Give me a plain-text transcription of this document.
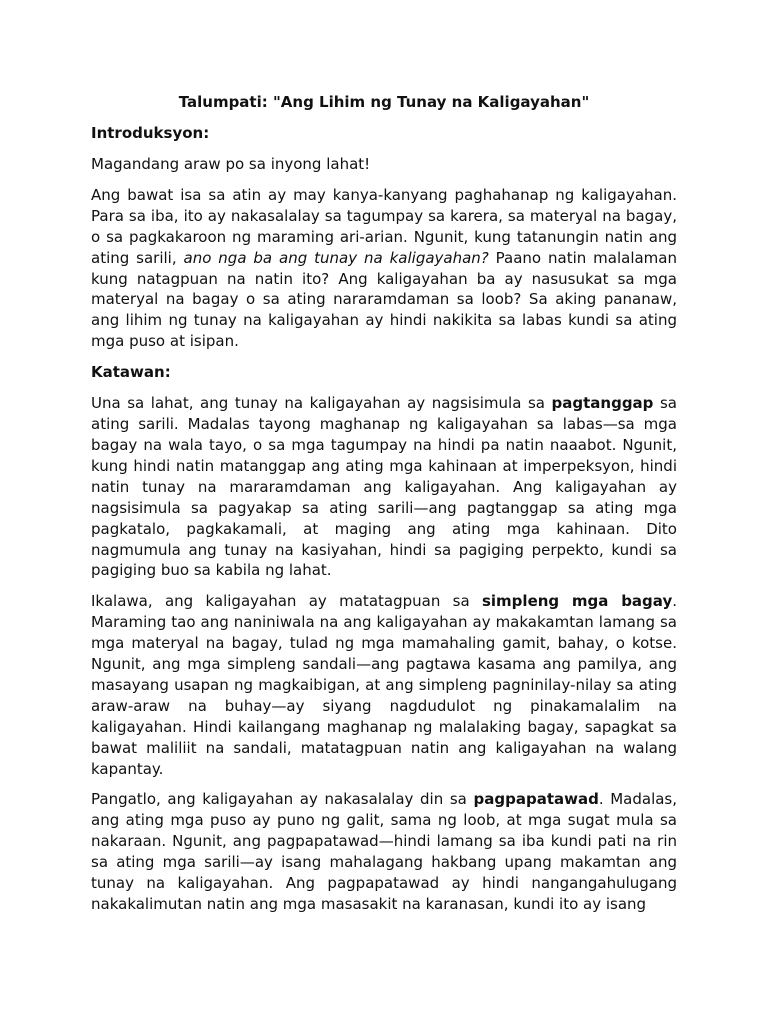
Talumpati: "Ang Lihim ng Tunay na Kaligayahan"
Introduksyon:

Magandang araw po sa inyong lahat!

Ang bawat isa sa atin ay may kanya-kanyang paghahanap ng kaligayahan. Para sa iba, ito ay nakasalalay sa tagumpay sa karera, sa materyal na bagay, o sa pagkakaroon ng maraming ari-arian. Ngunit, kung tatanungin natin ang ating sarili, ano nga ba ang tunay na kaligayahan? Paano natin malalaman kung natagpuan na natin ito? Ang kaligayahan ba ay nasusukat sa mga materyal na bagay o sa ating nararamdaman sa loob? Sa aking pananaw, ang lihim ng tunay na kaligayahan ay hindi nakikita sa labas kundi sa ating mga puso at isipan.

Katawan:

Una sa lahat, ang tunay na kaligayahan ay nagsisimula sa pagtanggap sa ating sarili. Madalas tayong maghanap ng kaligayahan sa labas—sa mga bagay na wala tayo, o sa mga tagumpay na hindi pa natin naaabot. Ngunit, kung hindi natin matanggap ang ating mga kahinaan at imperpeksyon, hindi natin tunay na mararamdaman ang kaligayahan. Ang kaligayahan ay nagsisimula sa pagyakap sa ating sarili—ang pagtanggap sa ating mga pagkatalo, pagkakamali, at maging ang ating mga kahinaan. Dito nagmumula ang tunay na kasiyahan, hindi sa pagiging perpekto, kundi sa pagiging buo sa kabila ng lahat.

Ikalawa, ang kaligayahan ay matatagpuan sa simpleng mga bagay. Maraming tao ang naniniwala na ang kaligayahan ay makakamtan lamang sa mga materyal na bagay, tulad ng mga mamahaling gamit, bahay, o kotse. Ngunit, ang mga simpleng sandali—ang pagtawa kasama ang pamilya, ang masayang usapan ng magkaibigan, at ang simpleng pagninilay-nilay sa ating araw-araw na buhay—ay siyang nagdudulot ng pinakamalalim na kaligayahan. Hindi kailangang maghanap ng malalaking bagay, sapagkat sa bawat maliliit na sandali, matatagpuan natin ang kaligayahan na walang kapantay.

Pangatlo, ang kaligayahan ay nakasalalay din sa pagpapatawad. Madalas, ang ating mga puso ay puno ng galit, sama ng loob, at mga sugat mula sa nakaraan. Ngunit, ang pagpapatawad—hindi lamang sa iba kundi pati na rin sa ating mga sarili—ay isang mahalagang hakbang upang makamtan ang tunay na kaligayahan. Ang pagpapatawad ay hindi nangangahulugang nakakalimutan natin ang mga masasakit na karanasan, kundi ito ay isang
